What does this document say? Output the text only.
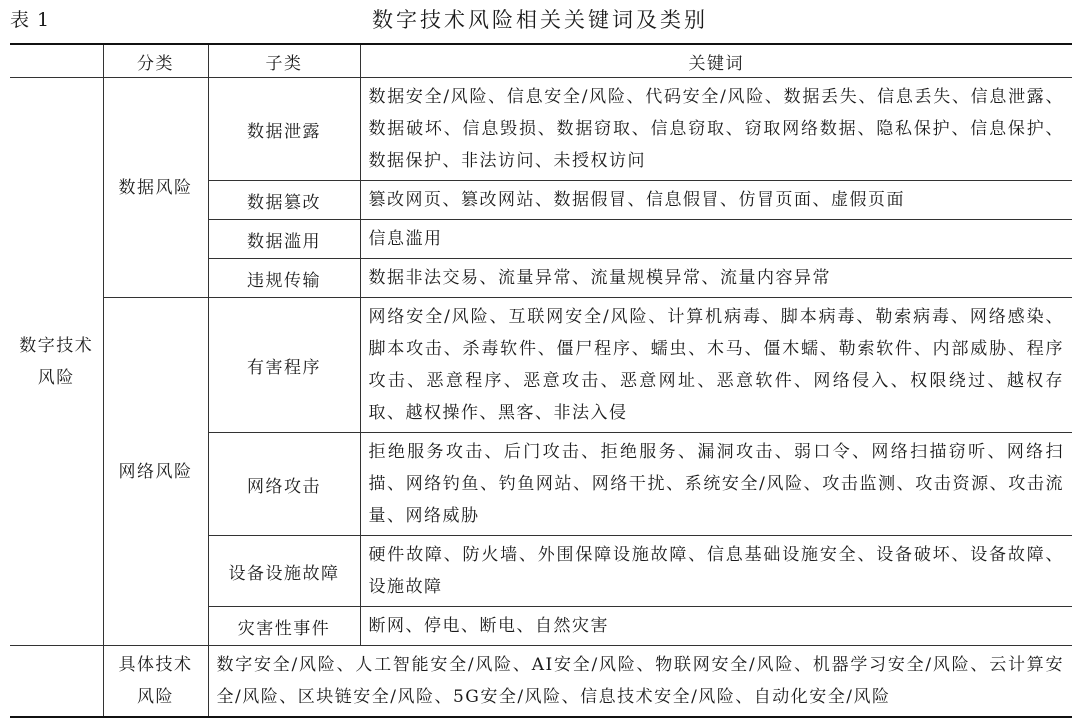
表 1	数字技术风险相关关键词及类别
	分类	子类	关键词
数字技术风险	数据风险	数据泄露	数据安全/风险、信息安全/风险、代码安全/风险、数据丢失、信息丢失、信息泄露、数据破坏、信息毁损、数据窃取、信息窃取、窃取网络数据、隐私保护、信息保护、数据保护、非法访问、未授权访问
		数据篡改	篡改网页、篡改网站、数据假冒、信息假冒、仿冒页面、虚假页面
		数据滥用	信息滥用
		违规传输	数据非法交易、流量异常、流量规模异常、流量内容异常
	网络风险	有害程序	网络安全/风险、互联网安全/风险、计算机病毒、脚本病毒、勒索病毒、网络感染、脚本攻击、杀毒软件、僵尸程序、蠕虫、木马、僵木蠕、勒索软件、内部威胁、程序攻击、恶意程序、恶意攻击、恶意网址、恶意软件、网络侵入、权限绕过、越权存取、越权操作、黑客、非法入侵
		网络攻击	拒绝服务攻击、后门攻击、拒绝服务、漏洞攻击、弱口令、网络扫描窃听、网络扫描、网络钓鱼、钓鱼网站、网络干扰、系统安全/风险、攻击监测、攻击资源、攻击流量、网络威胁
		设备设施故障	硬件故障、防火墙、外围保障设施故障、信息基础设施安全、设备破坏、设备故障、设施故障
		灾害性事件	断网、停电、断电、自然灾害
	具体技术风险	数字安全/风险、人工智能安全/风险、AI安全/风险、物联网安全/风险、机器学习安全/风险、云计算安全/风险、区块链安全/风险、5G安全/风险、信息技术安全/风险、自动化安全/风险	
